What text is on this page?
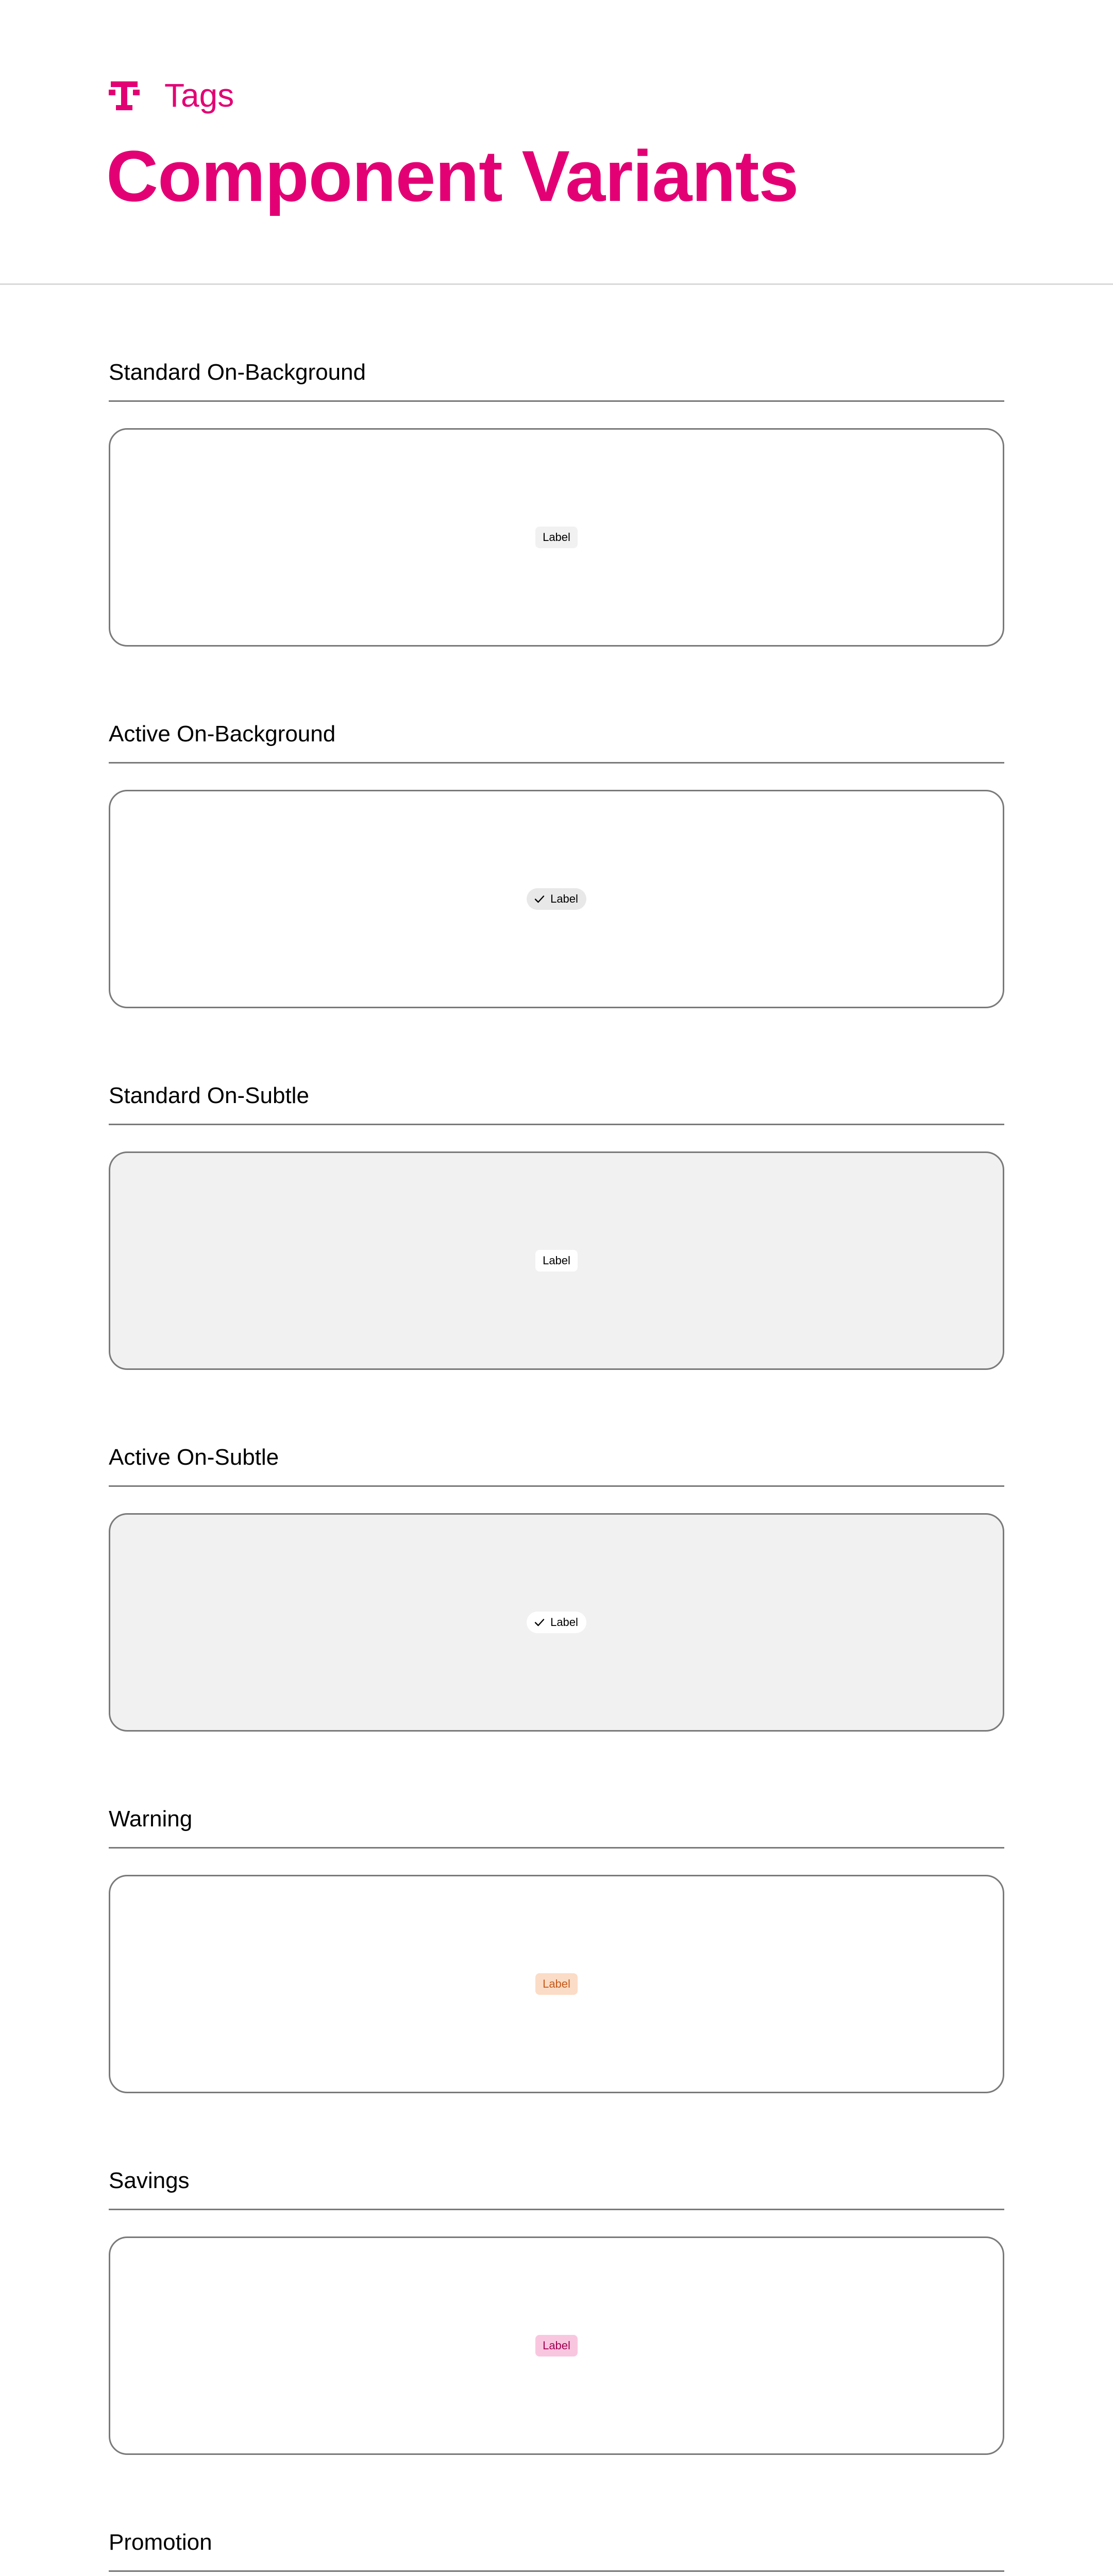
Tags
Component Variants
Standard On-Background
Label
Active On-Background
Label
Standard On-Subtle
Label
Active On-Subtle
Label
Warning
Label
Savings
Label
Promotion
